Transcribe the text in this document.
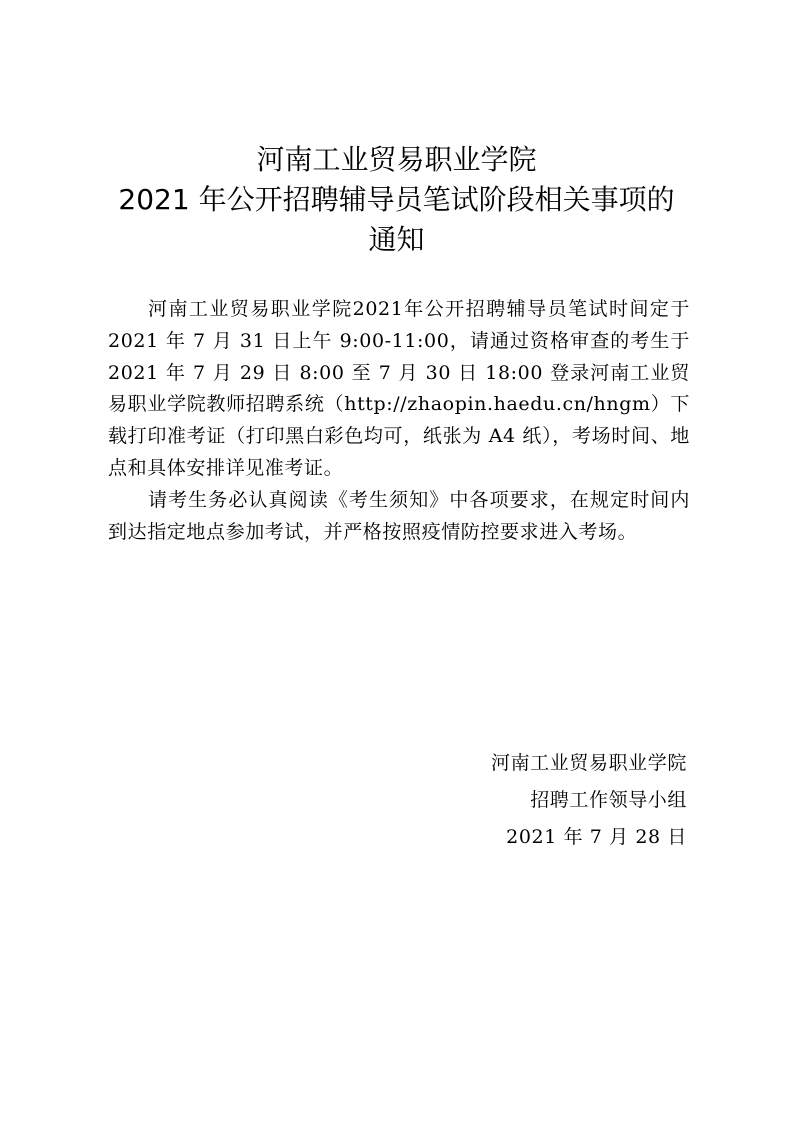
河南工业贸易职业学院
2021 年公开招聘辅导员笔试阶段相关事项的
通知

河南工业贸易职业学院2021年公开招聘辅导员笔试时间定于 2021 年 7 月 31 日上午 9:00-11:00，请通过资格审查的考生于 2021 年 7 月 29 日 8:00 至 7 月 30 日 18:00 登录河南工业贸易职业学院教师招聘系统（http://zhaopin.haedu.cn/hngm）下载打印准考证（打印黑白彩色均可，纸张为 A4 纸），考场时间、地点和具体安排详见准考证。

请考生务必认真阅读《考生须知》中各项要求，在规定时间内到达指定地点参加考试，并严格按照疫情防控要求进入考场。

河南工业贸易职业学院
招聘工作领导小组
2021 年 7 月 28 日
